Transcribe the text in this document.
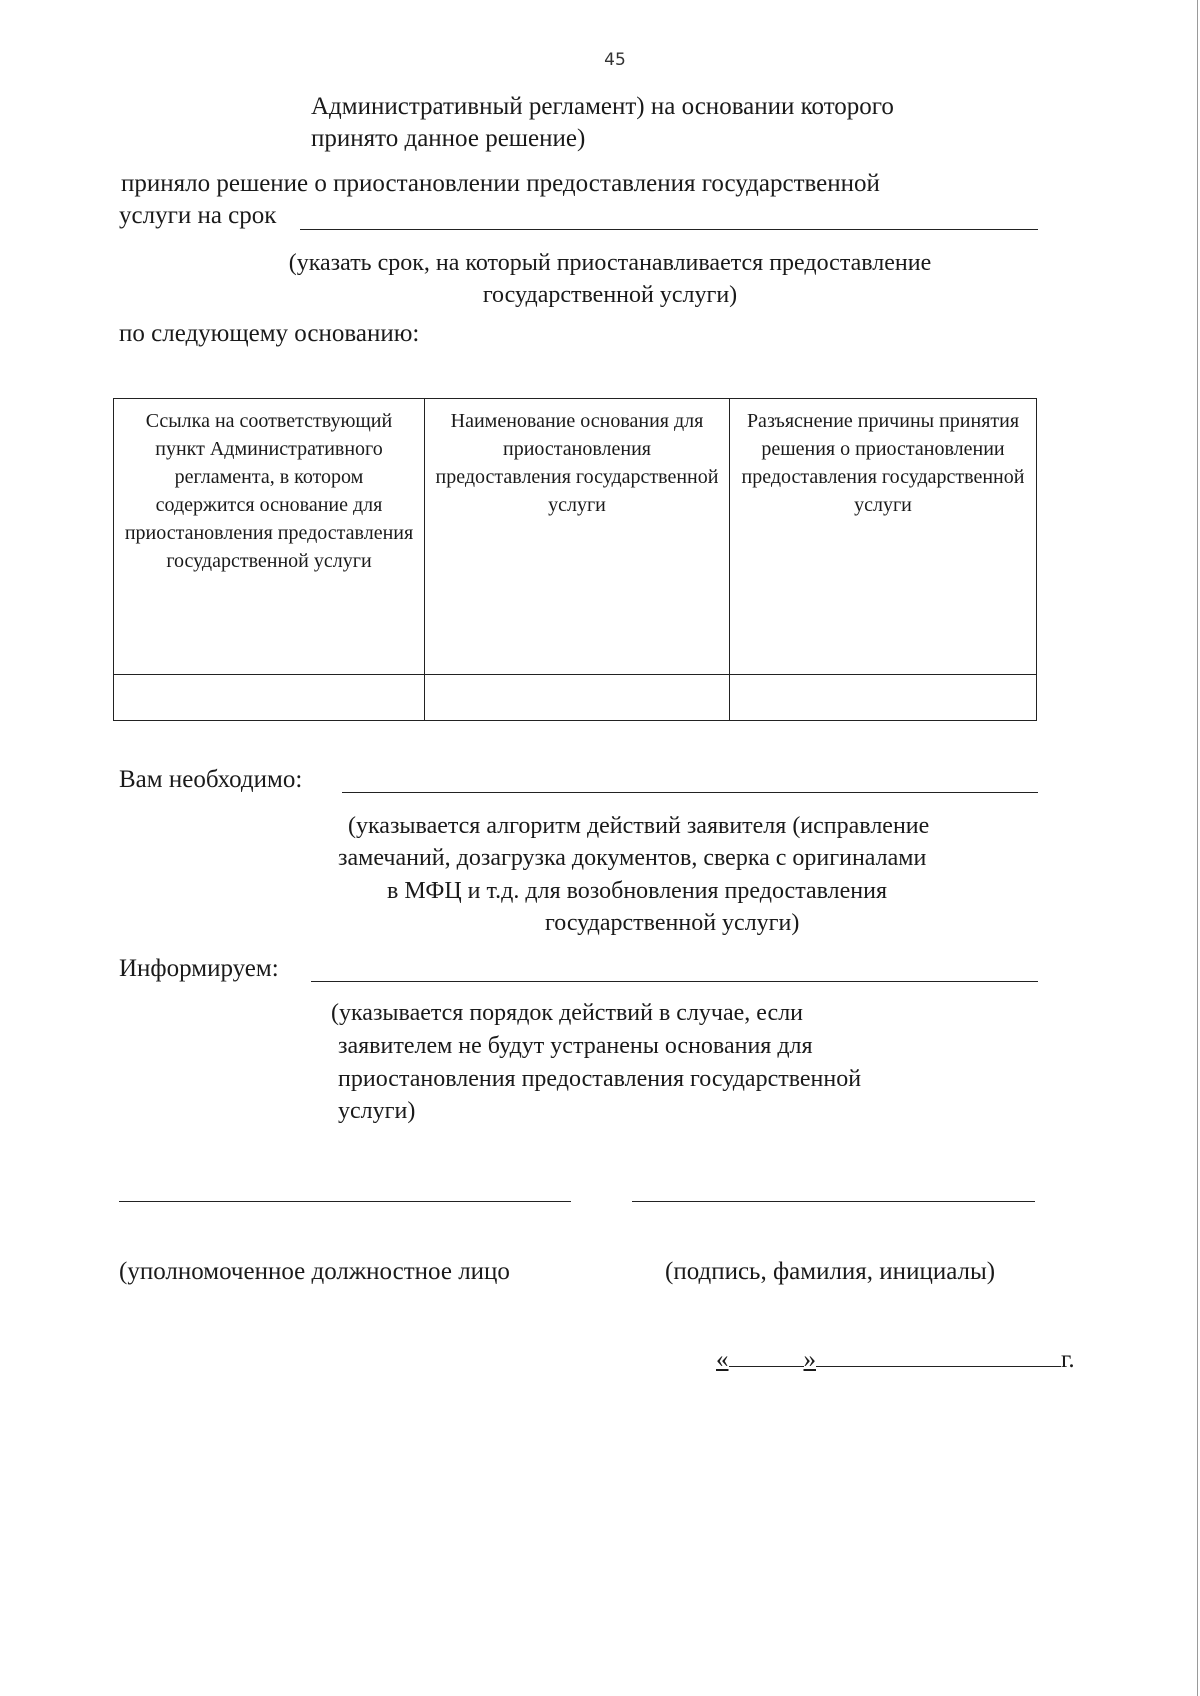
45
Административный регламент) на основании которого
принято данное решение)
приняло решение о приостановлении предоставления государственной
услуги на срок
(указать срок, на который приостанавливается предоставление
государственной услуги)
по следующему основанию:
Ссылка на соответствующий пункт Административного регламента, в котором содержится основание для приостановления предоставления государственной услуги	Наименование основания для приостановления предоставления государственной услуги	Разъяснение причины принятия решения о приостановлении предоставления государственной услуги

Вам необходимо:
(указывается алгоритм действий заявителя (исправление
замечаний, дозагрузка документов, сверка с оригиналами
в МФЦ и т.д. для возобновления предоставления
государственной услуги)
Информируем:
(указывается порядок действий в случае, если
заявителем не будут устранены основания для
приостановления предоставления государственной
услуги)
(уполномоченное должностное лицо	(подпись, фамилия, инициалы)
«	»	г.
